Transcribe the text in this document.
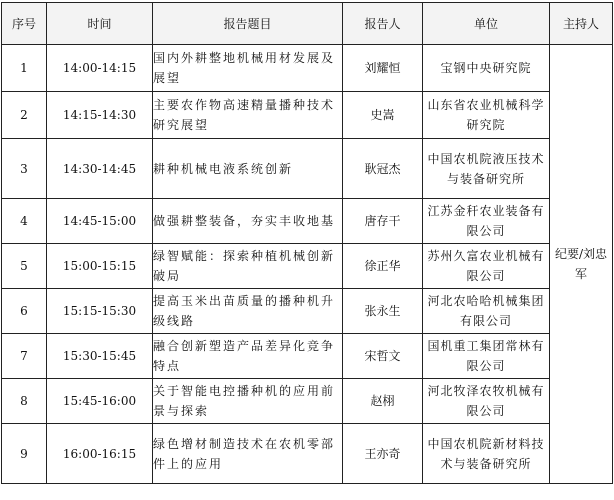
序号	时间	报告题目	报告人	单位	主持人
1	14:00-14:15	国内外耕整地机械用材发展及展望	刘耀恒	宝钢中央研究院	纪要/刘忠军
2	14:15-14:30	主要农作物高速精量播种技术研究展望	史嵩	山东省农业机械科学研究院	
3	14:30-14:45	耕种机械电液系统创新	耿冠杰	中国农机院液压技术与装备研究所	
4	14:45-15:00	做强耕整装备，夯实丰收地基	唐存干	江苏金秆农业装备有限公司	
5	15:00-15:15	绿智赋能：探索种植机械创新破局	徐正华	苏州久富农业机械有限公司	
6	15:15-15:30	提高玉米出苗质量的播种机升级线路	张永生	河北农哈哈机械集团有限公司	
7	15:30-15:45	融合创新塑造产品差异化竞争特点	宋哲文	国机重工集团常林有限公司	
8	15:45-16:00	关于智能电控播种机的应用前景与探索	赵栩	河北牧泽农牧机械有限公司	
9	16:00-16:15	绿色增材制造技术在农机零部件上的应用	王亦奇	中国农机院新材料技术与装备研究所	
